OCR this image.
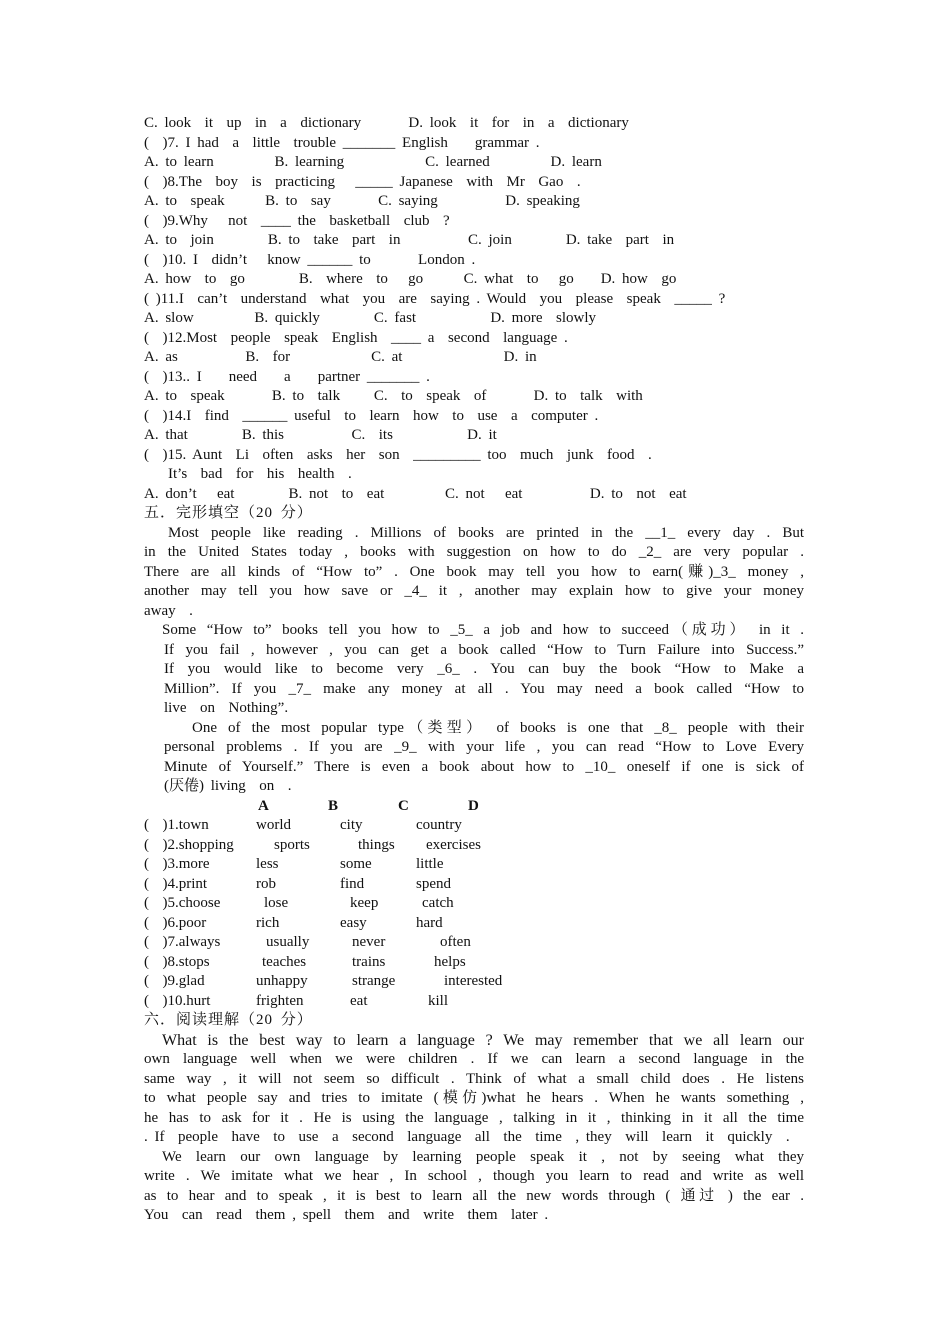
C. look  it  up  in  a  dictionary       D. look  it  for  in  a  dictionary
(  )7. I had  a  little  trouble _______ English    grammar .
A. to learn         B. learning            C. learned         D. learn
(  )8.The  boy  is  practicing   _____ Japanese  with  Mr  Gao  .
A. to  speak      B. to  say       C. saying          D. speaking
(  )9.Why   not  ____ the  basketball  club  ?
A. to  join        B. to  take  part  in          C. join        D. take  part  in
(  )10. I  didn’t   know ______ to       London .
A. how  to  go        B.  where  to   go      C. what  to   go    D. how  go
( )11.I  can’t  understand  what  you  are  saying . Would  you  please  speak  _____ ?
A. slow         B. quickly        C. fast           D. more  slowly
(  )12.Most  people  speak  English  ____ a  second  language .
A. as          B.  for            C. at               D. in
(  )13.. I    need    a    partner _______ .
A. to  speak       B. to  talk     C.  to  speak  of       D. to  talk  with
(  )14.I  find  ______ useful  to  learn  how  to  use  a  computer .
A. that        B. this          C.  its           D. it
(  )15. Aunt  Li  often  asks  her  son  _________ too  much  junk  food  .
It’s  bad  for  his  health  .
A. don’t   eat        B. not  to  eat         C. not   eat          D. to  not  eat
五．完形填空（20 分）
Most people like reading . Millions of books are printed in the __1_ every day . But
in the United States today , books with suggestion on how to do _2_ are very popular .
There are all kinds of “How to” . One book may tell you how to earn(赚)_3_ money ,
another may tell you how save or _4_ it , another may explain how to give your money
away  .
Some “How to” books tell you how to _5_ a job and how to succeed（成功） in it .
If you fail , however , you can get a book called “How to Turn Failure into Success.”
If you would like to become very _6_ . You can buy the book “How to Make a
Million”. If you _7_ make any money at all . You may need a book called “How to
live  on  Nothing”.
One of the most popular type（类型） of books is one that _8_ people with their
personal problems . If you are _9_ with your life , you can read “How to Love Every
Minute of Yourself.” There is even a book about how to _10_ oneself if one is sick of
(厌倦) living  on  .
	A	B	C	D
(  )1.town	world	city	country
(  )2.shopping	sports	things	exercises
(  )3.more	less	some	little
(  )4.print	rob	find	spend
(  )5.choose	lose	keep	catch
(  )6.poor	rich	easy	hard
(  )7.always	usually	never	often
(  )8.stops	teaches	trains	helps
(  )9.glad	unhappy	strange	interested
(  )10.hurt	frighten	eat	kill
六．阅读理解（20 分）
What is the best way to learn a language ? We may remember that we all learn our
own language well when we were children . If we can learn a second language in the
same way , it will not seem so difficult . Think of what a small child does . He listens
to what people say and tries to imitate (模仿)what he hears . When he wants something ,
he has to ask for it . He is using the language , talking in it , thinking in it all the time
. If  people  have  to  use  a  second  language  all  the  time  , they  will  learn  it  quickly  .
We learn our own language by learning people speak it , not by seeing what they
write . We imitate what we hear , In school , though you learn to read and write as well
as to hear and to speak , it is best to learn all the new words through ( 通过 ) the ear .
You  can  read  them , spell  them  and  write  them  later .
